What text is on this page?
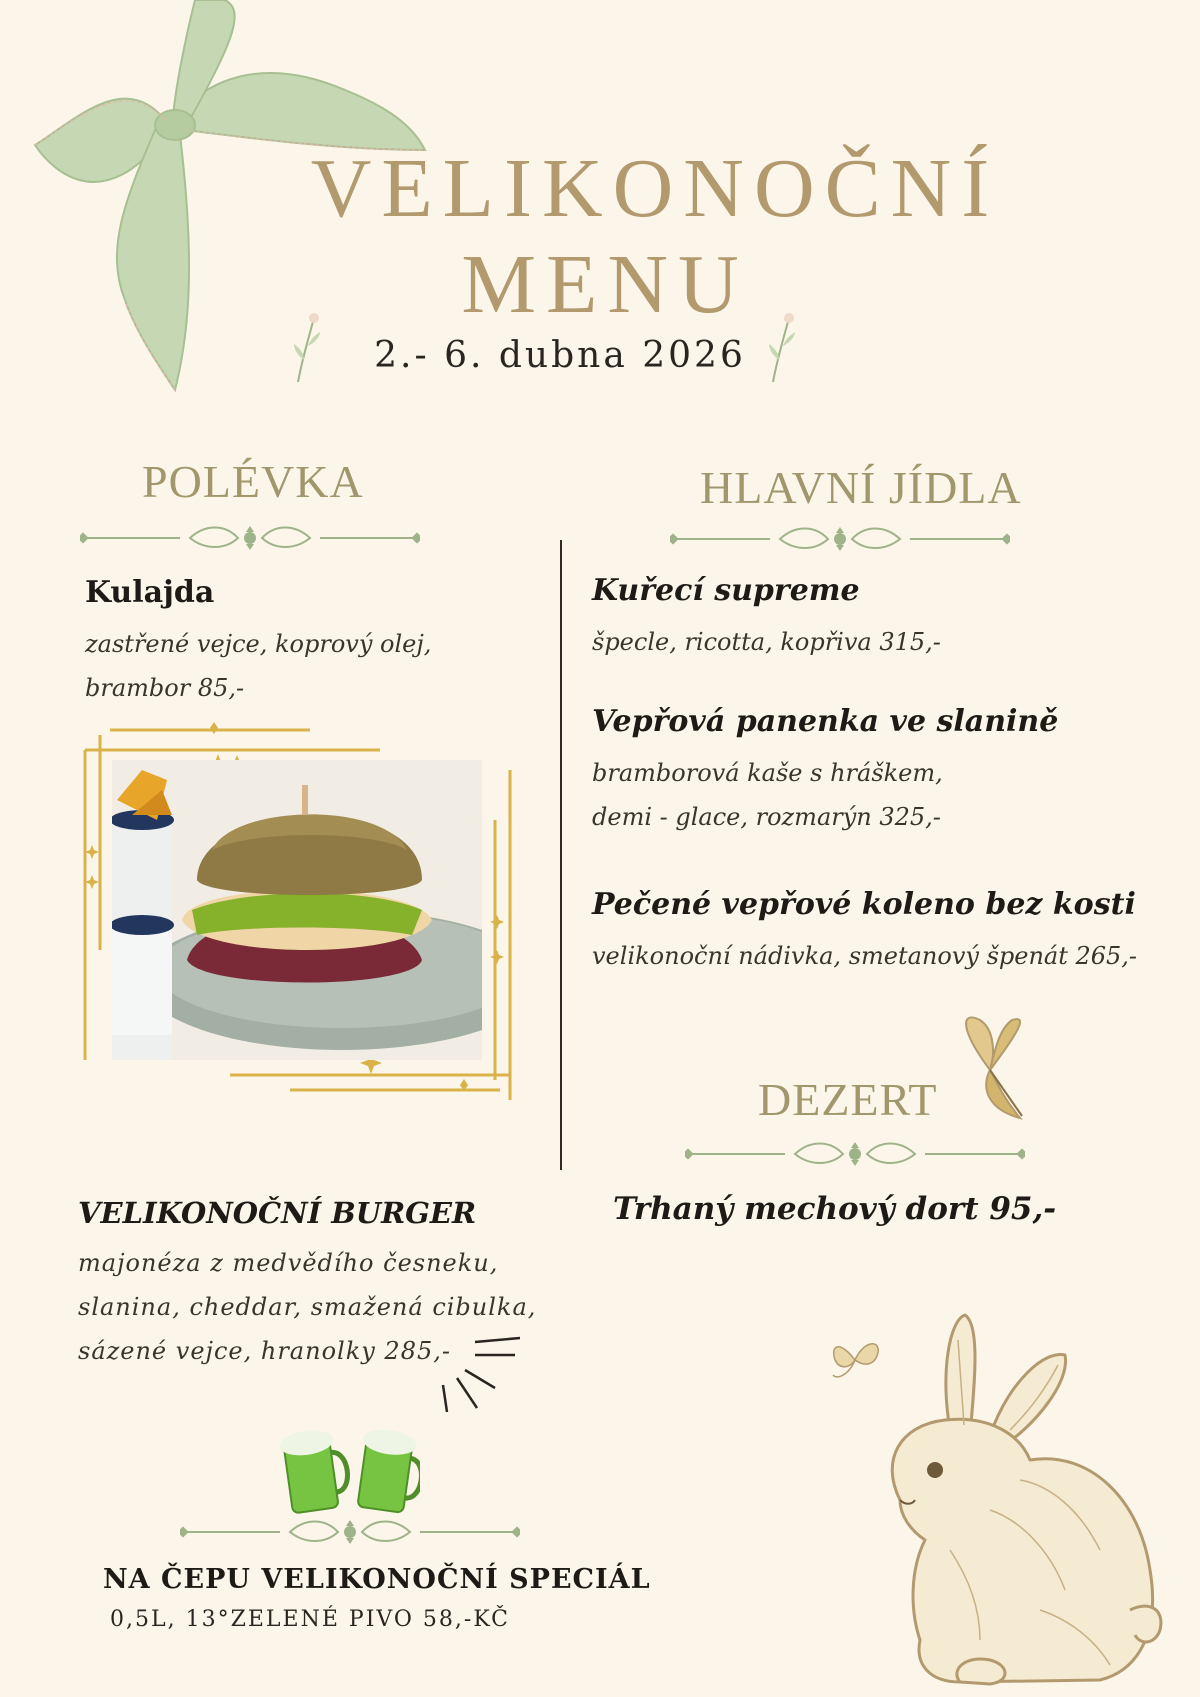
VELIKONOČNÍ
MENU
2.- 6. dubna 2026
POLÉVKA
Kulajda
zastřené vejce, koprový olej,
brambor 85,-
HLAVNÍ JÍDLA
Kuřecí supreme
špecle, ricotta, kopřiva 315,-
Vepřová panenka ve slanině
bramborová kaše s hráškem,
demi - glace, rozmarýn 325,-
Pečené vepřové koleno bez kosti
velikonoční nádivka, smetanový špenát 265,-
DEZERT
Trhaný mechový dort 95,-
VELIKONOČNÍ BURGER
majonéza z medvědího česneku,
slanina, cheddar, smažená cibulka,
sázené vejce, hranolky 285,-
NA ČEPU VELIKONOČNÍ SPECIÁL
0,5L, 13°ZELENÉ PIVO 58,-KČ
